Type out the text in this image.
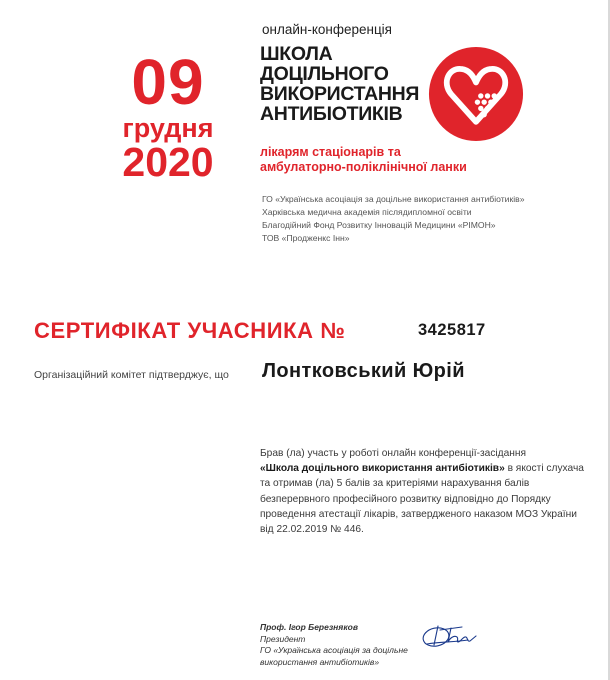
09
грудня
2020
онлайн-конференція
ШКОЛА
ДОЦІЛЬНОГО
ВИКОРИСТАННЯ
АНТИБІОТИКІВ
лікарям стаціонарів та
амбулаторно-поліклінічної ланки
ГО «Українська асоціація за доцільне використання антибіотиків»
Харківська медична академія післядипломної освіти
Благодійний Фонд Розвитку Інновацій Медицини «РІМОН»
ТОВ «Продженкс Інн»
СЕРТИФІКАТ УЧАСНИКА №	3425817
Організаційний комітет підтверджує, що Лонтковський Юрій
Брав (ла) участь у роботі онлайн конференції-засідання
«Школа доцільного використання антибіотиків» в якості слухача
та отримав (ла) 5 балів за критеріями нарахування балів
безперервного професійного розвитку відповідно до Порядку
проведення атестації лікарів, затвердженого наказом МОЗ України
від 22.02.2019 № 446.
Проф. Ігор Березняков
Президент
ГО «Українська асоціація за доцільне
використання антибіотиків»
